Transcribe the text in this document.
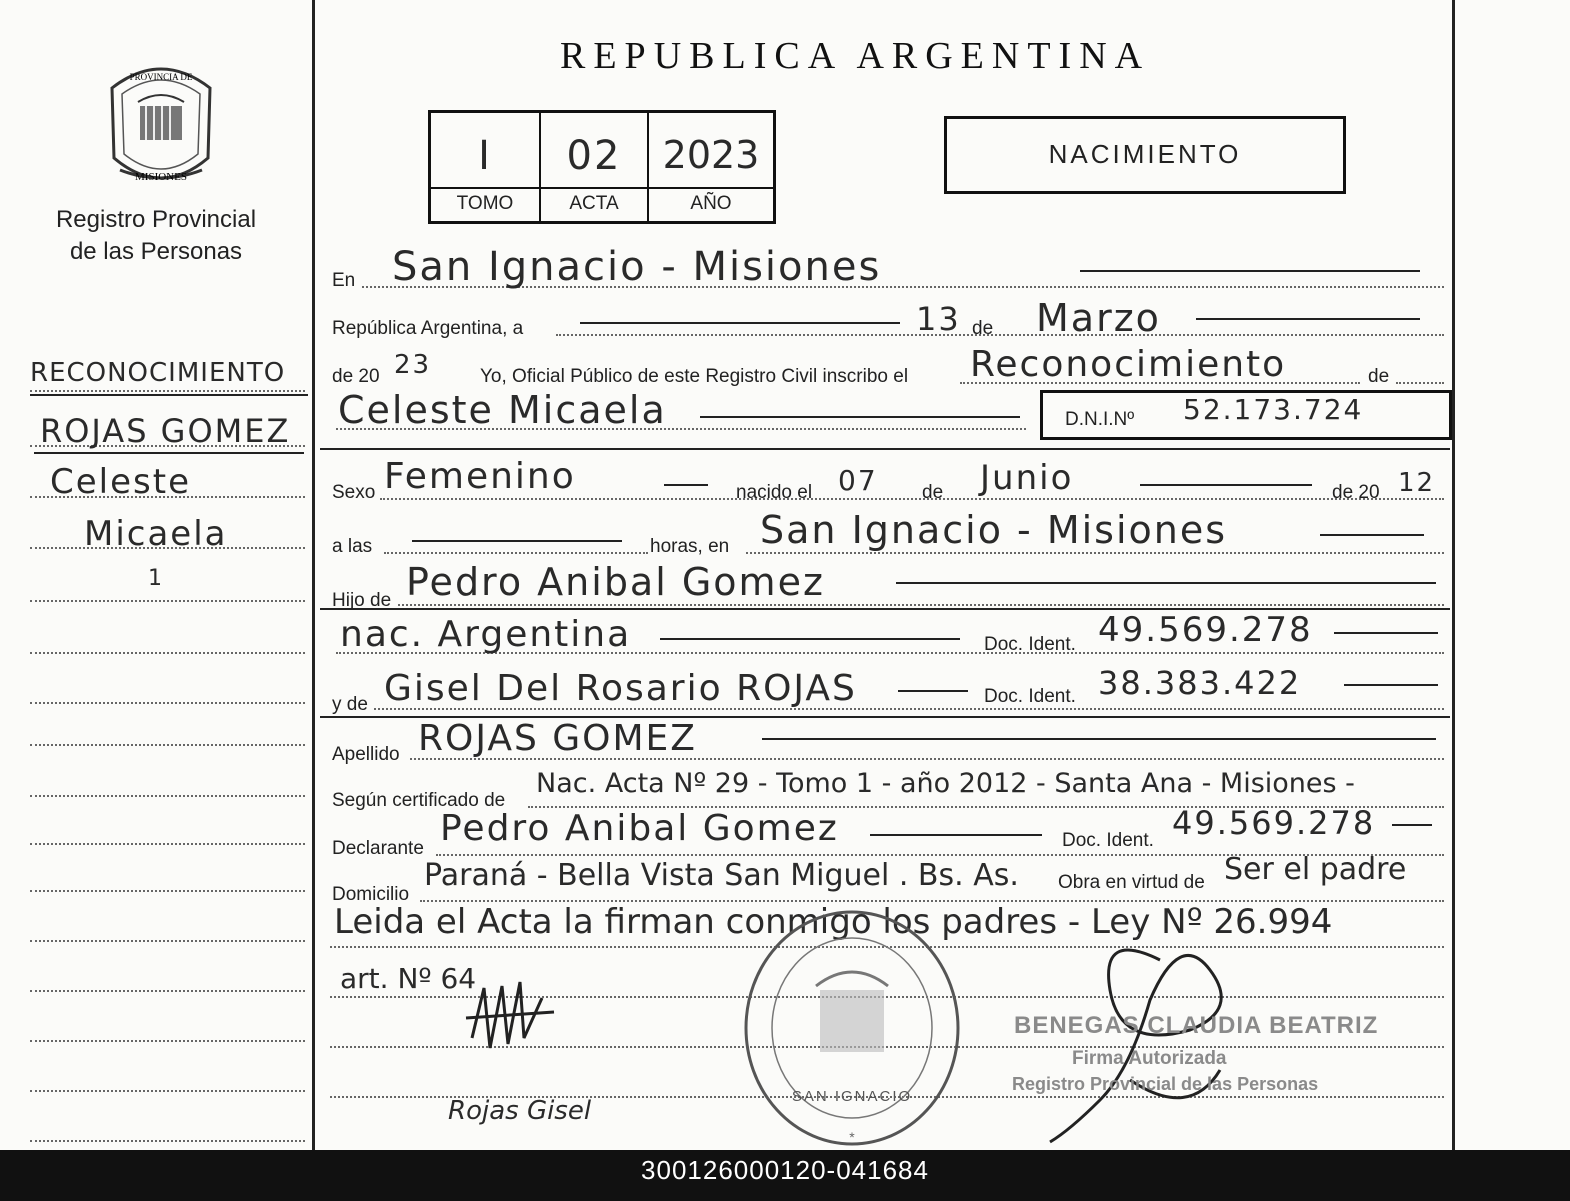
PROVINCIA DE
MISIONES
Registro Provincial
de las Personas
RECONOCIMIENTO
ROJAS GOMEZ
Celeste
Micaela
1
REPUBLICA ARGENTINA
I	02	2023
TOMO	ACTA	AÑO
NACIMIENTO
En San Ignacio - Misiones
República Argentina, a	13 de Marzo
de 20 23	Yo, Oficial Público de este Registro Civil inscribo el Reconocimiento	de
Celeste Micaela	D.N.I.Nº 52.173.724
Sexo Femenino	nacido el 07 de Junio	de 20 12
a las	horas, en San Ignacio - Misiones
Hijo de Pedro Anibal Gomez
nac. Argentina	Doc. Ident. 49.569.278
y de Gisel Del Rosario ROJAS	Doc. Ident. 38.383.422
Apellido ROJAS GOMEZ
Según certificado de
Nac. Acta Nº 29 - Tomo 1 - año 2012 - Santa Ana - Misiones -
Declarante Pedro Anibal Gomez	Doc. Ident. 49.569.278
Domicilio
Paraná - Bella Vista San Miguel . Bs. As. Obra en virtud de Ser el padre
Leida el Acta la firman conmigo los padres - Ley Nº 26.994
art. Nº 64
*
SAN IGNACIO
Rojas Gisel
BENEGAS CLAUDIA BEATRIZ
Firma Autorizada
Registro Provincial de las Personas
300126000120-041684
